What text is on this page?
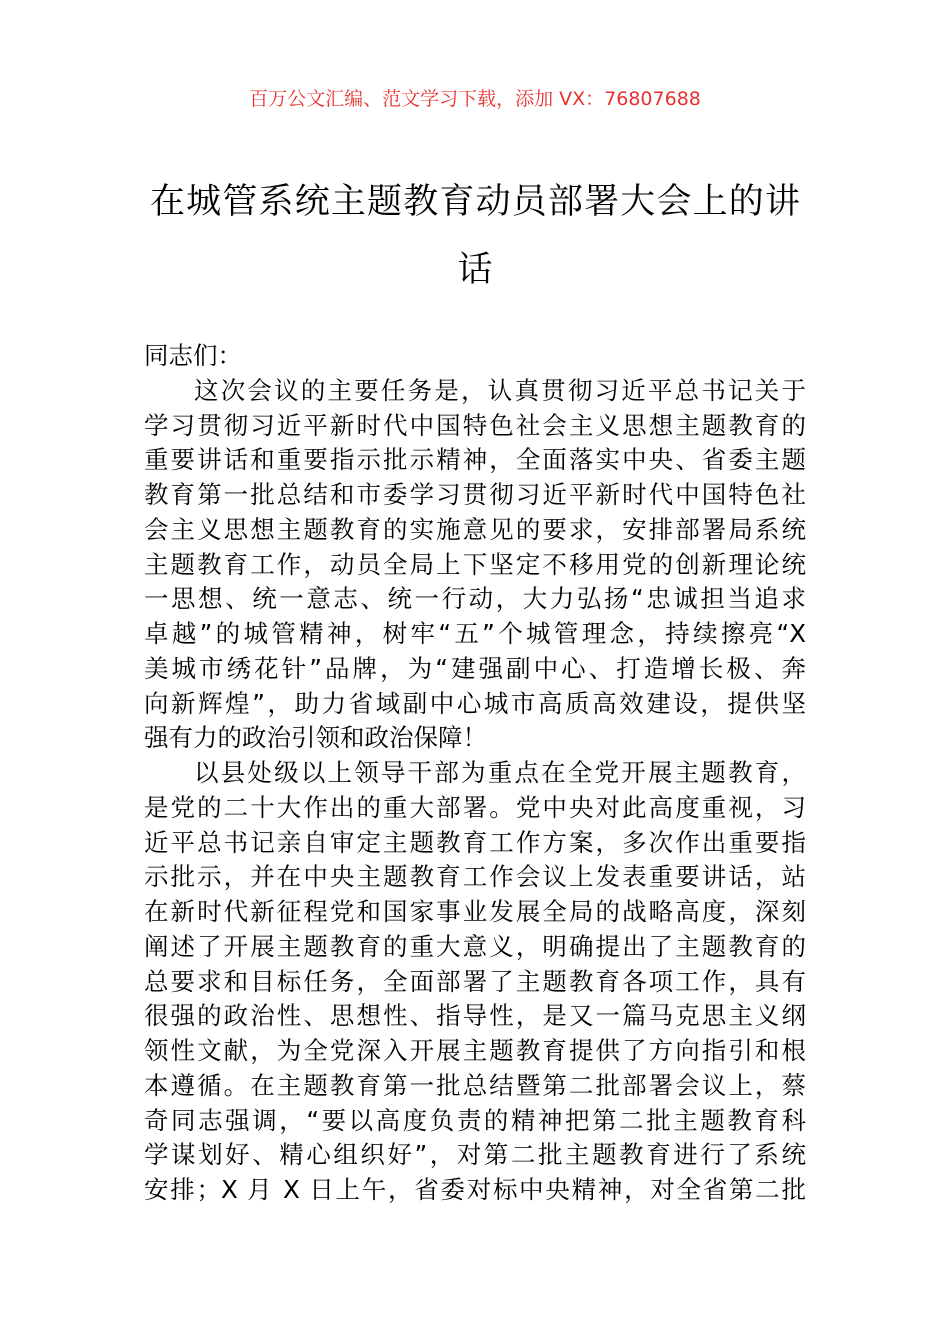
百万公文汇编、范文学习下载，添加 VX：76807688
在城管系统主题教育动员部署大会上的讲
话
同志们：
这次会议的主要任务是，认真贯彻习近平总书记关于
学习贯彻习近平新时代中国特色社会主义思想主题教育的
重要讲话和重要指示批示精神，全面落实中央、省委主题
教育第一批总结和市委学习贯彻习近平新时代中国特色社
会主义思想主题教育的实施意见的要求，安排部署局系统
主题教育工作，动员全局上下坚定不移用党的创新理论统
一思想、统一意志、统一行动，大力弘扬“忠诚担当追求
卓越”的城管精神，树牢“五”个城管理念，持续擦亮“X
美城市绣花针”品牌，为“建强副中心、打造增长极、奔
向新辉煌”，助力省域副中心城市高质高效建设，提供坚
强有力的政治引领和政治保障！
以县处级以上领导干部为重点在全党开展主题教育，
是党的二十大作出的重大部署。党中央对此高度重视，习
近平总书记亲自审定主题教育工作方案，多次作出重要指
示批示，并在中央主题教育工作会议上发表重要讲话，站
在新时代新征程党和国家事业发展全局的战略高度，深刻
阐述了开展主题教育的重大意义，明确提出了主题教育的
总要求和目标任务，全面部署了主题教育各项工作，具有
很强的政治性、思想性、指导性，是又一篇马克思主义纲
领性文献，为全党深入开展主题教育提供了方向指引和根
本遵循。在主题教育第一批总结暨第二批部署会议上，蔡
奇同志强调，“要以高度负责的精神把第二批主题教育科
学谋划好、精心组织好”，对第二批主题教育进行了系统
安排；X 月 X 日上午，省委对标中央精神，对全省第二批
